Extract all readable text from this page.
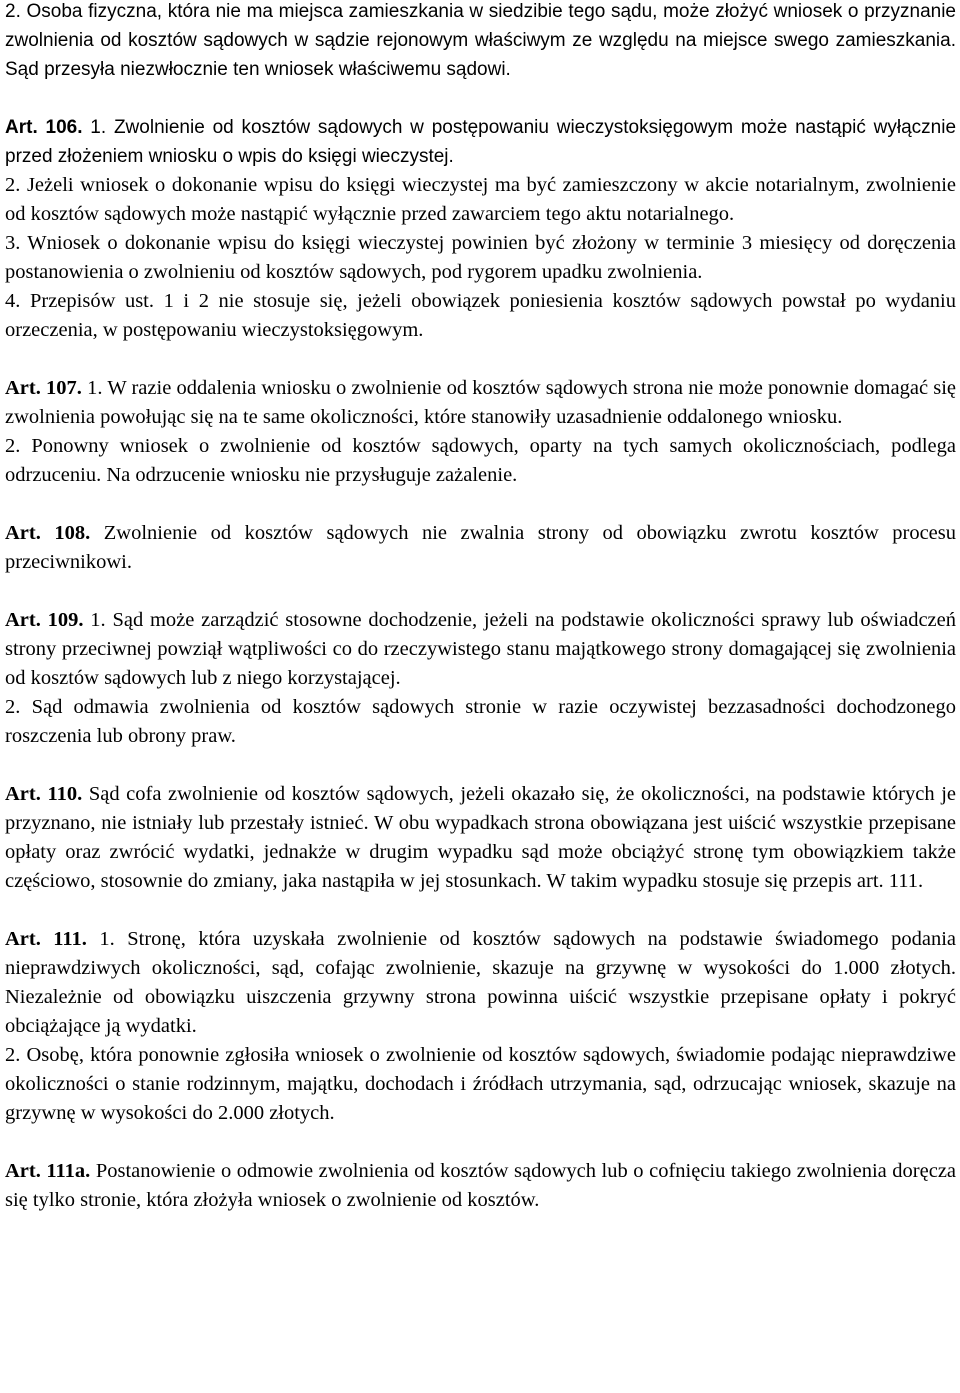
2. Osoba fizyczna, która nie ma miejsca zamieszkania w siedzibie tego sądu, może złożyć wniosek o przyznanie zwolnienia od kosztów sądowych w sądzie rejonowym właściwym ze względu na miejsce swego zamieszkania. Sąd przesyła niezwłocznie ten wniosek właściwemu sądowi.

Art. 106. 1. Zwolnienie od kosztów sądowych w postępowaniu wieczystoksięgowym może nastąpić wyłącznie przed złożeniem wniosku o wpis do księgi wieczystej.

2. Jeżeli wniosek o dokonanie wpisu do księgi wieczystej ma być zamieszczony w akcie notarialnym, zwolnienie od kosztów sądowych może nastąpić wyłącznie przed zawarciem tego aktu notarialnego.

3. Wniosek o dokonanie wpisu do księgi wieczystej powinien być złożony w terminie 3 miesięcy od doręczenia postanowienia o zwolnieniu od kosztów sądowych, pod rygorem upadku zwolnienia.

4. Przepisów ust. 1 i 2 nie stosuje się, jeżeli obowiązek poniesienia kosztów sądowych powstał po wydaniu orzeczenia, w postępowaniu wieczystoksięgowym.

Art. 107. 1. W razie oddalenia wniosku o zwolnienie od kosztów sądowych strona nie może ponownie domagać się zwolnienia powołując się na te same okoliczności, które stanowiły uzasadnienie oddalonego wniosku.

2. Ponowny wniosek o zwolnienie od kosztów sądowych, oparty na tych samych okolicznościach, podlega odrzuceniu. Na odrzucenie wniosku nie przysługuje zażalenie.

Art. 108. Zwolnienie od kosztów sądowych nie zwalnia strony od obowiązku zwrotu kosztów procesu przeciwnikowi.

Art. 109. 1. Sąd może zarządzić stosowne dochodzenie, jeżeli na podstawie okoliczności sprawy lub oświadczeń strony przeciwnej powziął wątpliwości co do rzeczywistego stanu majątkowego strony domagającej się zwolnienia od kosztów sądowych lub z niego korzystającej.

2. Sąd odmawia zwolnienia od kosztów sądowych stronie w razie oczywistej bezzasadności dochodzonego roszczenia lub obrony praw.

Art. 110. Sąd cofa zwolnienie od kosztów sądowych, jeżeli okazało się, że okoliczności, na podstawie których je przyznano, nie istniały lub przestały istnieć. W obu wypadkach strona obowiązana jest uiścić wszystkie przepisane opłaty oraz zwrócić wydatki, jednakże w drugim wypadku sąd może obciążyć stronę tym obowiązkiem także częściowo, stosownie do zmiany, jaka nastąpiła w jej stosunkach. W takim wypadku stosuje się przepis art. 111.

Art. 111. 1. Stronę, która uzyskała zwolnienie od kosztów sądowych na podstawie świadomego podania nieprawdziwych okoliczności, sąd, cofając zwolnienie, skazuje na grzywnę w wysokości do 1.000 złotych. Niezależnie od obowiązku uiszczenia grzywny strona powinna uiścić wszystkie przepisane opłaty i pokryć obciążające ją wydatki.

2. Osobę, która ponownie zgłosiła wniosek o zwolnienie od kosztów sądowych, świadomie podając nieprawdziwe okoliczności o stanie rodzinnym, majątku, dochodach i źródłach utrzymania, sąd, odrzucając wniosek, skazuje na grzywnę w wysokości do 2.000 złotych.

Art. 111a. Postanowienie o odmowie zwolnienia od kosztów sądowych lub o cofnięciu takiego zwolnienia doręcza się tylko stronie, która złożyła wniosek o zwolnienie od kosztów.
